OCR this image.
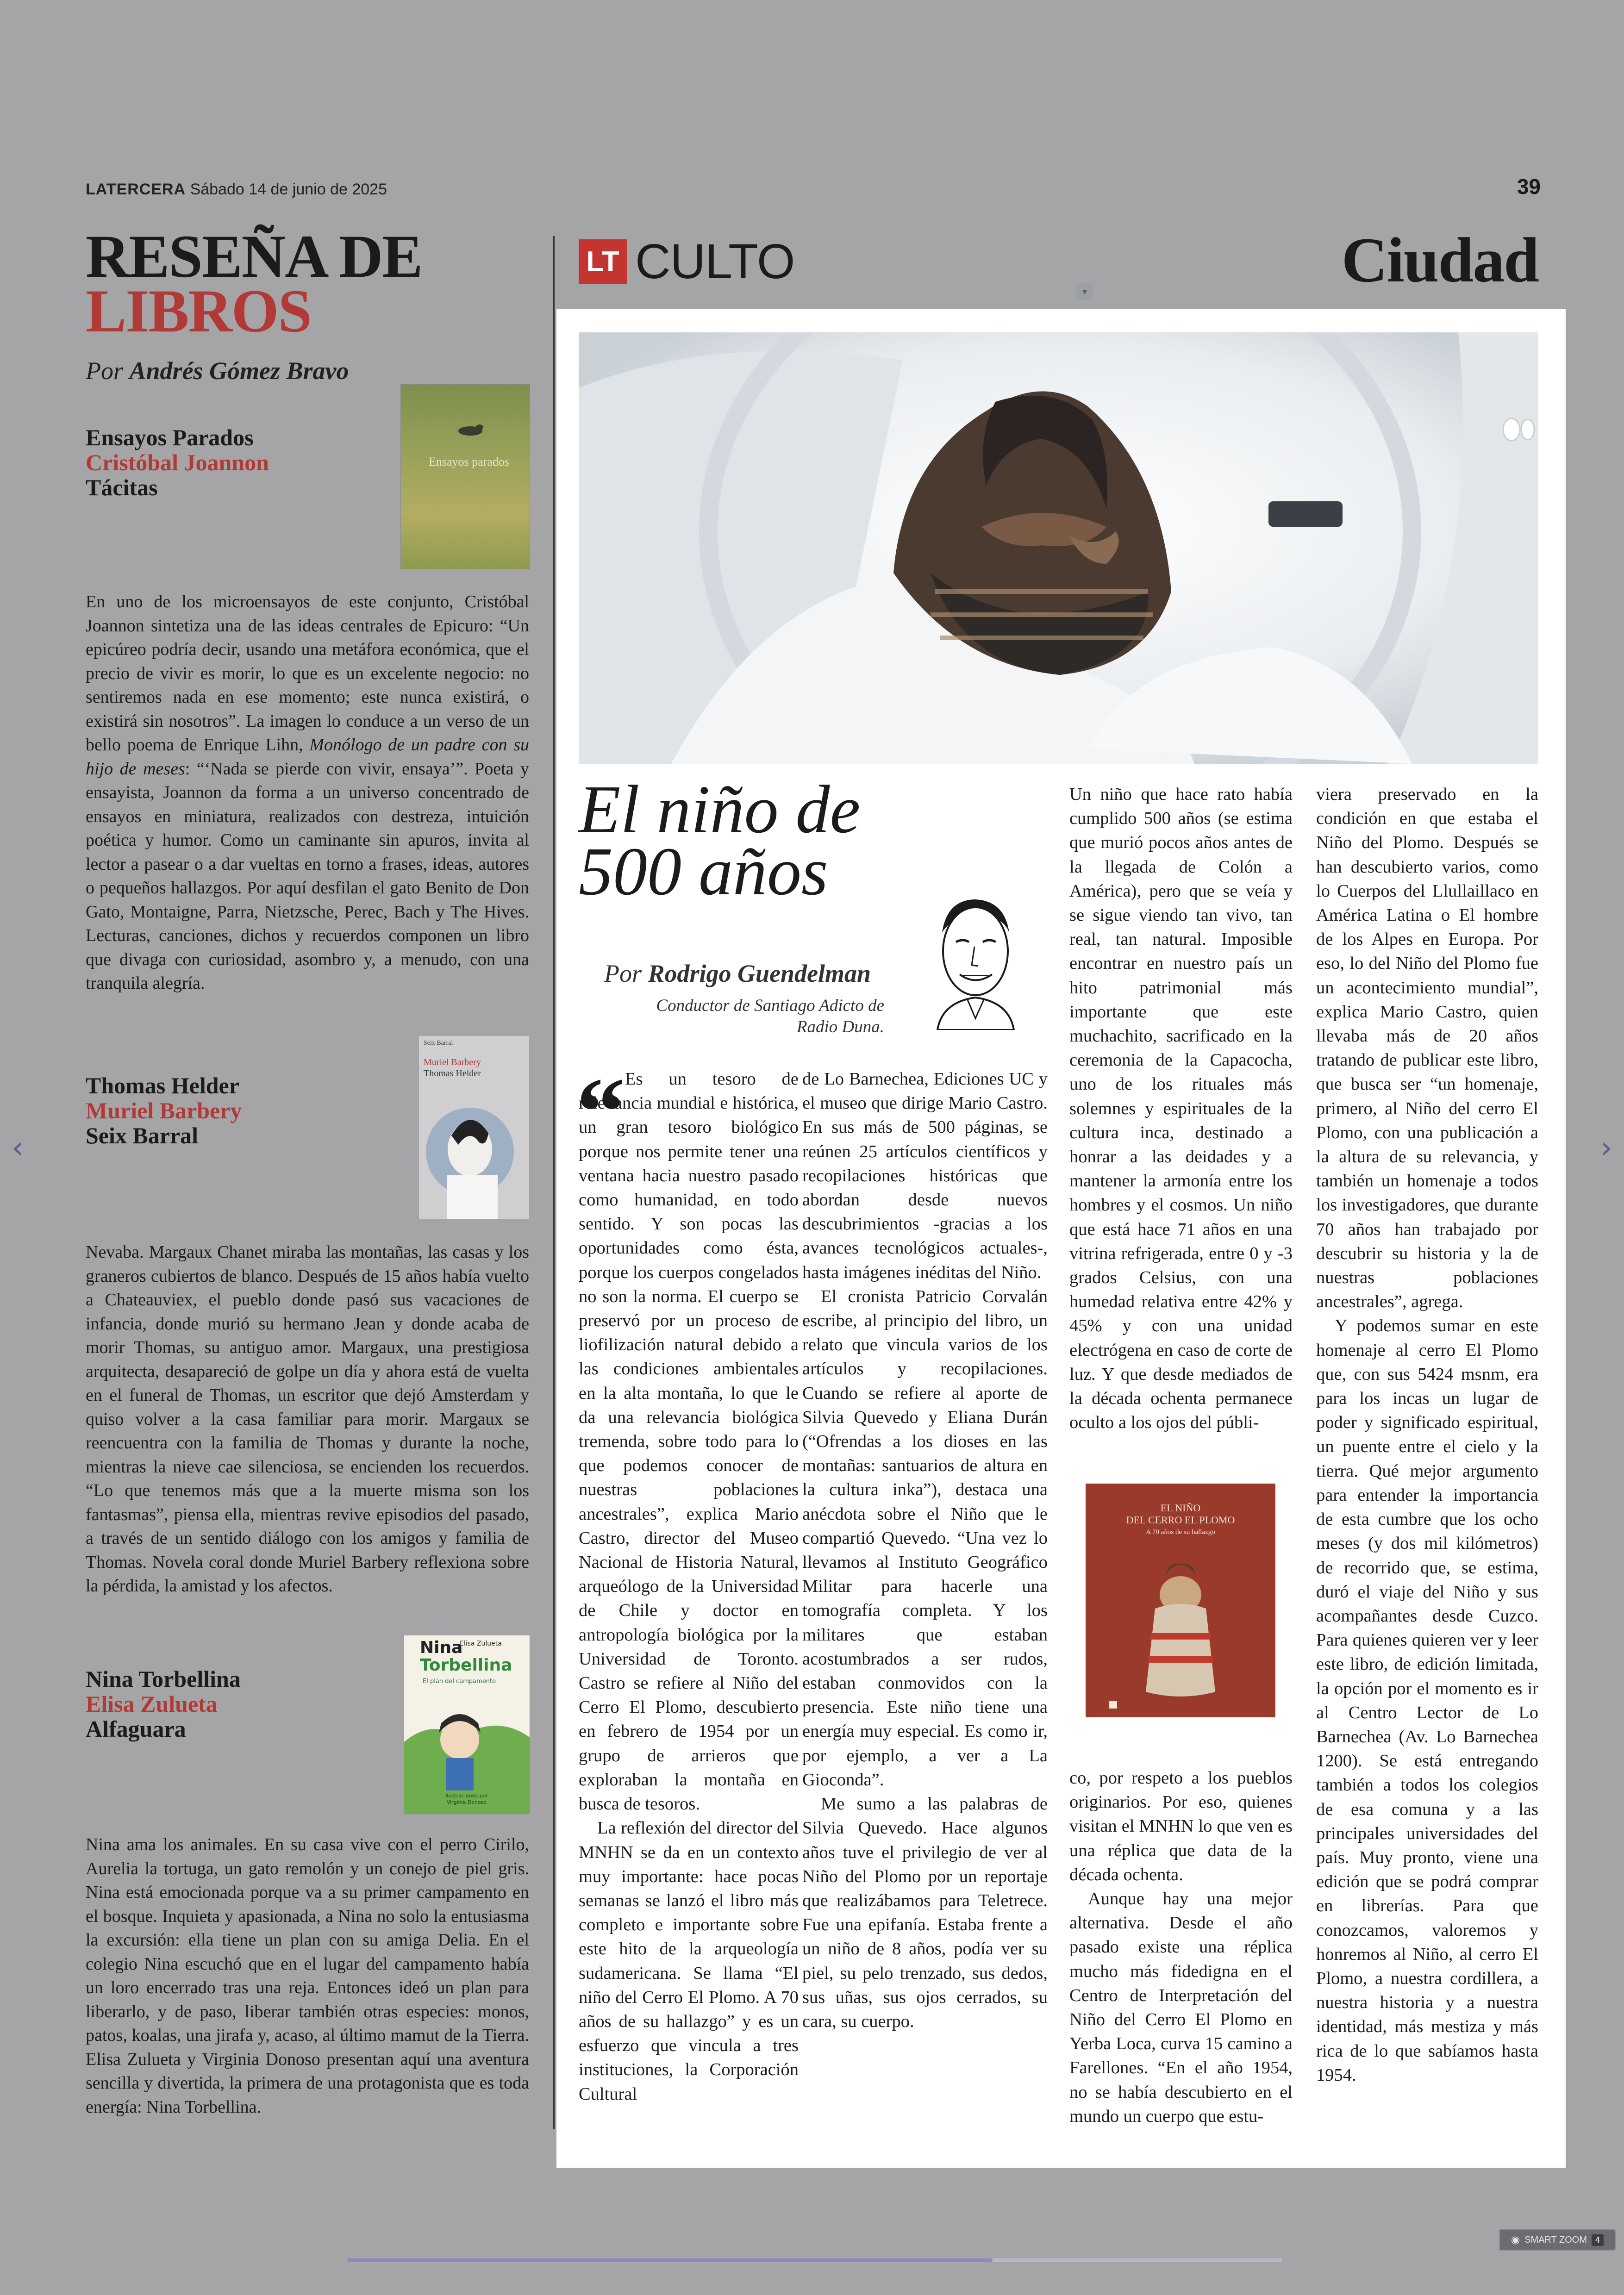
LATERCERA Sábado 14 de junio de 2025	39
RESEÑA DE
LIBROS
Por Andrés Gómez Bravo
Ensayos Parados
Cristóbal Joannon
Tácitas
Ensayos parados
En uno de los microensayos de este conjunto, Cristóbal Joannon sintetiza una de las ideas centrales de Epicuro: “Un epicúreo podría decir, usando una metáfora económica, que el precio de vivir es morir, lo que es un excelente negocio: no sentiremos nada en ese momento; este nunca existirá, o existirá sin nosotros”. La imagen lo conduce a un verso de un bello poema de Enrique Lihn, Monólogo de un padre con su hijo de meses: “‘Nada se pierde con vivir, ensaya’”. Poeta y ensayista, Joannon da forma a un universo concentrado de ensayos en miniatura, realizados con destreza, intuición poética y humor. Como un caminante sin apuros, invita al lector a pasear o a dar vueltas en torno a frases, ideas, autores o pequeños hallazgos. Por aquí desfilan el gato Benito de Don Gato, Montaigne, Parra, Nietzsche, Perec, Bach y The Hives. Lecturas, canciones, dichos y recuerdos componen un libro que divaga con curiosidad, asombro y, a menudo, con una tranquila alegría.
Thomas Helder
Muriel Barbery
Seix Barral
Seix Barral
Muriel Barbery
Thomas Helder
Nevaba. Margaux Chanet miraba las montañas, las casas y los graneros cubiertos de blanco. Después de 15 años había vuelto a Chateauviex, el pueblo donde pasó sus vacaciones de infancia, donde murió su hermano Jean y donde acaba de morir Thomas, su antiguo amor. Margaux, una prestigiosa arquitecta, desapareció de golpe un día y ahora está de vuelta en el funeral de Thomas, un escritor que dejó Amsterdam y quiso volver a la casa familiar para morir. Margaux se reencuentra con la familia de Thomas y durante la noche, mientras la nieve cae silenciosa, se encienden los recuerdos. “Lo que tenemos más que a la muerte misma son los fantasmas”, piensa ella, mientras revive episodios del pasado, a través de un sentido diálogo con los amigos y familia de Thomas. Novela coral donde Muriel Barbery reflexiona sobre la pérdida, la amistad y los afectos.
Nina Torbellina
Elisa Zulueta
Alfaguara
Nina
Elisa Zulueta
Torbellina
El plan del campamento
Ilustraciones por Virginia Donoso
Nina ama los animales. En su casa vive con el perro Cirilo, Aurelia la tortuga, un gato remolón y un conejo de piel gris. Nina está emocionada porque va a su primer campamento en el bosque. Inquieta y apasionada, a Nina no solo la entusiasma la excursión: ella tiene un plan con su amiga Delia. En el colegio Nina escuchó que en el lugar del campamento había un loro encerrado tras una reja. Entonces ideó un plan para liberarlo, y de paso, liberar también otras especies: monos, patos, koalas, una jirafa y, acaso, al último mamut de la Tierra. Elisa Zulueta y Virginia Donoso presentan aquí una aventura sencilla y divertida, la primera de una protagonista que es toda energía: Nina Torbellina.
LT CULTO	Ciudad
▾
El niño de
500 años
Por Rodrigo Guendelman
Conductor de Santiago Adicto de Radio Duna.
“ Es un tesoro de relevancia mundial e histórica, un gran tesoro biológico porque nos permite tener una ventana hacia nuestro pasado como humanidad, en todo sentido. Y son pocas las oportunidades como ésta, porque los cuerpos congelados no son la norma. El cuerpo se preservó por un proceso de liofilización natural debido a las condiciones ambientales en la alta montaña, lo que le da una relevancia biológica tremenda, sobre todo para lo que podemos conocer de nuestras poblaciones ancestrales”, explica Mario Castro, director del Museo Nacional de Historia Natural, arqueólogo de la Universidad de Chile y doctor en antropología biológica por la Universidad de Toronto. Castro se refiere al Niño del Cerro El Plomo, descubierto en febrero de 1954 por un grupo de arrieros que exploraban la montaña en busca de tesoros.

La reflexión del director del MNHN se da en un contexto muy importante: hace pocas semanas se lanzó el libro más completo e importante sobre este hito de la arqueología sudamericana. Se llama “El niño del Cerro El Plomo. A 70 años de su hallazgo” y es un esfuerzo que vincula a tres instituciones, la Corporación Cultural

de Lo Barnechea, Ediciones UC y el museo que dirige Mario Castro. En sus más de 500 páginas, se reúnen 25 artículos científicos y recopilaciones históricas que abordan desde nuevos descubrimientos -gracias a los avances tecnológicos actuales-, hasta imágenes inéditas del Niño.

El cronista Patricio Corvalán escribe, al principio del libro, un relato que vincula varios de los artículos y recopilaciones. Cuando se refiere al aporte de Silvia Quevedo y Eliana Durán (“Ofrendas a los dioses en las montañas: santuarios de altura en la cultura inka”), destaca una anécdota sobre el Niño que le compartió Quevedo. “Una vez lo llevamos al Instituto Geográfico Militar para hacerle una tomografía completa. Y los militares que estaban acostumbrados a ser rudos, estaban conmovidos con la presencia. Este niño tiene una energía muy especial. Es como ir, por ejemplo, a ver a La Gioconda”.

Me sumo a las palabras de Silvia Quevedo. Hace algunos años tuve el privilegio de ver al Niño del Plomo por un reportaje que realizábamos para Teletrece. Fue una epifanía. Estaba frente a un niño de 8 años, podía ver su piel, su pelo trenzado, sus dedos, sus uñas, sus ojos cerrados, su cara, su cuerpo.

Un niño que hace rato había cumplido 500 años (se estima que murió pocos años antes de la llegada de Colón a América), pero que se veía y se sigue viendo tan vivo, tan real, tan natural. Imposible encontrar en nuestro país un hito patrimonial más importante que este muchachito, sacrificado en la ceremonia de la Capacocha, uno de los rituales más solemnes y espirituales de la cultura inca, destinado a honrar a las deidades y a mantener la armonía entre los hombres y el cosmos. Un niño que está hace 71 años en una vitrina refrigerada, entre 0 y -3 grados Celsius, con una humedad relativa entre 42% y 45% y con una unidad electrógena en caso de corte de luz. Y que desde mediados de la década ochenta permanece oculto a los ojos del públi-

EL NIÑO
DEL CERRO EL PLOMO
A 70 años de su hallazgo

co, por respeto a los pueblos originarios. Por eso, quienes visitan el MNHN lo que ven es una réplica que data de la década ochenta.

Aunque hay una mejor alternativa. Desde el año pasado existe una réplica mucho más fidedigna en el Centro de Interpretación del Niño del Cerro El Plomo en Yerba Loca, curva 15 camino a Farellones. “En el año 1954, no se había descubierto en el mundo un cuerpo que estu-

viera preservado en la condición en que estaba el Niño del Plomo. Después se han descubierto varios, como lo Cuerpos del Llullaillaco en América Latina o El hombre de los Alpes en Europa. Por eso, lo del Niño del Plomo fue un acontecimiento mundial”, explica Mario Castro, quien llevaba más de 20 años tratando de publicar este libro, que busca ser “un homenaje, primero, al Niño del cerro El Plomo, con una publicación a la altura de su relevancia, y también un homenaje a todos los investigadores, que durante 70 años han trabajado por descubrir su historia y la de nuestras poblaciones ancestrales”, agrega.

Y podemos sumar en este homenaje al cerro El Plomo que, con sus 5424 msnm, era para los incas un lugar de poder y significado espiritual, un puente entre el cielo y la tierra. Qué mejor argumento para entender la importancia de esta cumbre que los ocho meses (y dos mil kilómetros) de recorrido que, se estima, duró el viaje del Niño y sus acompañantes desde Cuzco. Para quienes quieren ver y leer este libro, de edición limitada, la opción por el momento es ir al Centro Lector de Lo Barnechea (Av. Lo Barnechea 1200). Se está entregando también a todos los colegios de esa comuna y a las principales universidades del país. Muy pronto, viene una edición que se podrá comprar en librerías. Para que conozcamos, valoremos y honremos al Niño, al cerro El Plomo, a nuestra cordillera, a nuestra historia y a nuestra identidad, más mestiza y más rica de lo que sabíamos hasta 1954.

‹	›
◉ SMART ZOOM	4
